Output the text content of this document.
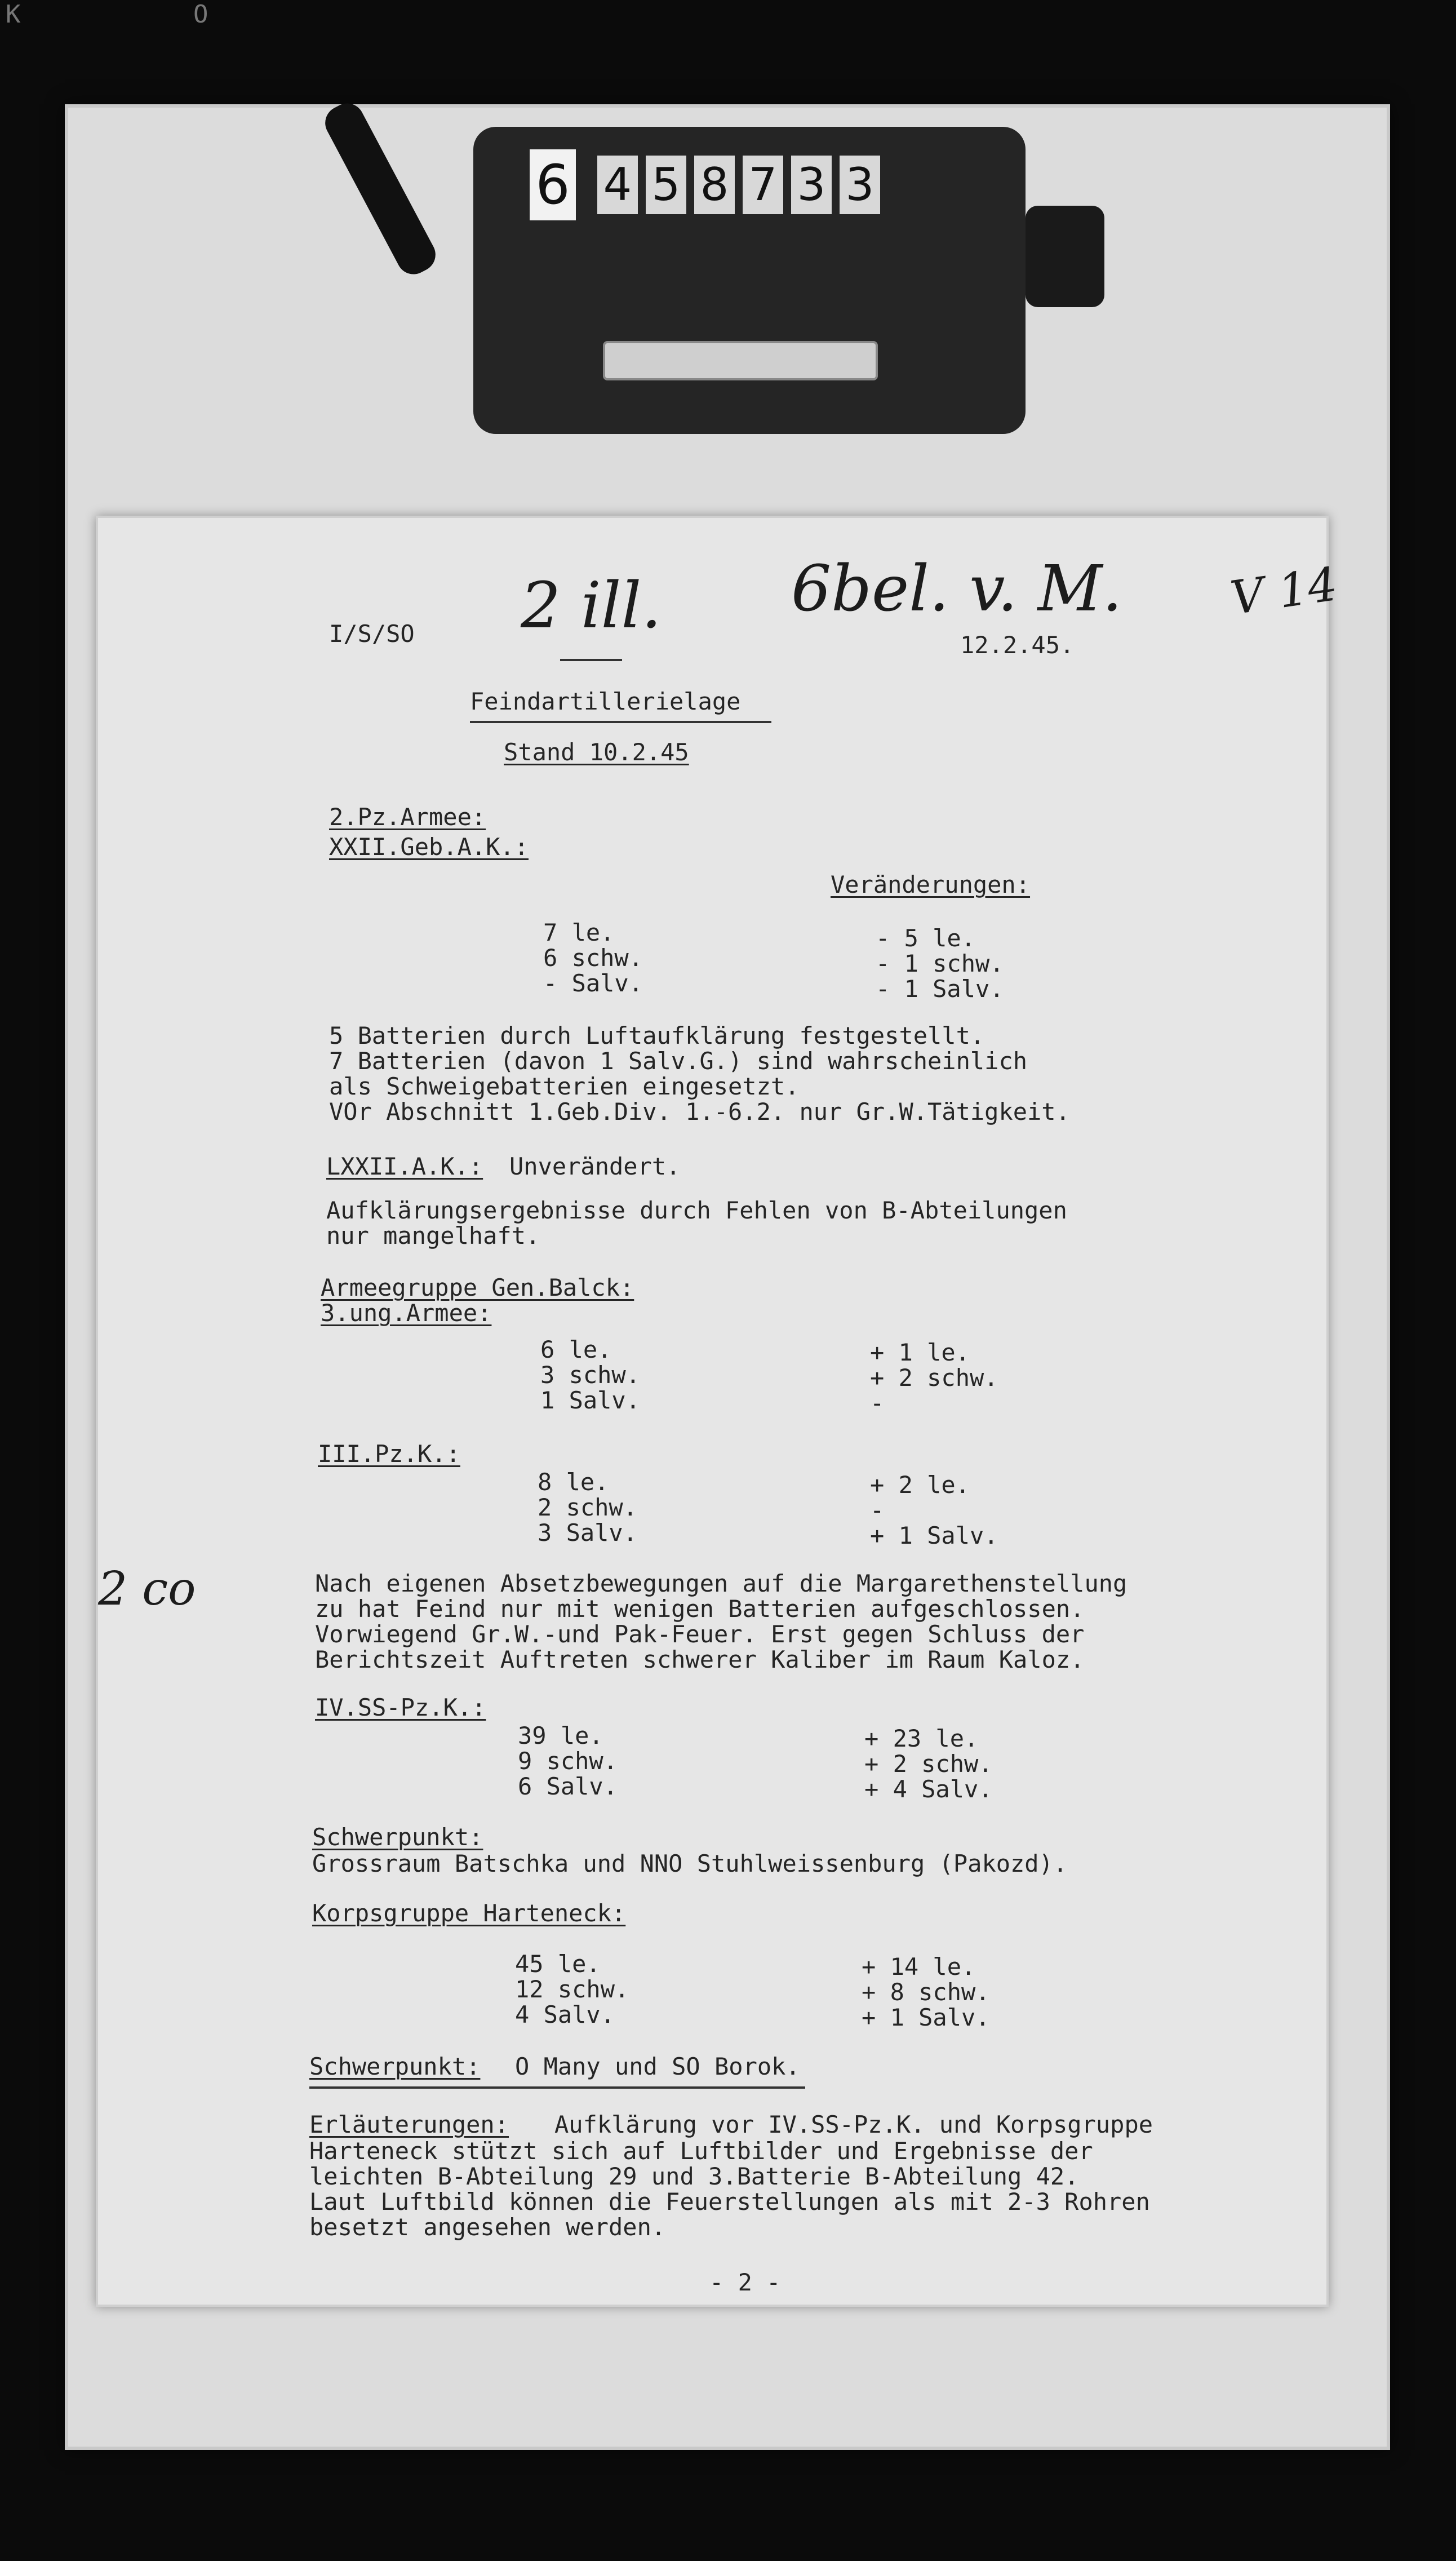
K O
6 4 5 8 7 3 3
2 ill. 6bel. v. M. V 14
I/S/SO	12.2.45.
Feindartillerielage
Stand 10.2.45
2.Pz.Armee:
XXII.Geb.A.K.:
Veränderungen:
7 le.
6 schw.
- Salv.
- 5 le.
- 1 schw.
- 1 Salv.
5 Batterien durch Luftaufklärung festgestellt.
7 Batterien (davon 1 Salv.G.) sind wahrscheinlich
als Schweigebatterien eingesetzt.
VOr Abschnitt 1.Geb.Div. 1.-6.2. nur Gr.W.Tätigkeit.
LXXII.A.K.: Unverändert.
Aufklärungsergebnisse durch Fehlen von B-Abteilungen
nur mangelhaft.
Armeegruppe Gen.Balck:
3.ung.Armee:
6 le.
3 schw.
1 Salv.
+ 1 le.
+ 2 schw.
-
III.Pz.K.:
8 le.
2 schw.
3 Salv.
+ 2 le.
-
+ 1 Salv.
Nach eigenen Absetzbewegungen auf die Margarethenstellung
zu hat Feind nur mit wenigen Batterien aufgeschlossen.
Vorwiegend Gr.W.-und Pak-Feuer. Erst gegen Schluss der
Berichtszeit Auftreten schwerer Kaliber im Raum Kaloz.
IV.SS-Pz.K.:
39 le.
9 schw.
6 Salv.
+ 23 le.
+ 2 schw.
+ 4 Salv.
Schwerpunkt:
Grossraum Batschka und NNO Stuhlweissenburg (Pakozd).
Korpsgruppe Harteneck:
45 le.
12 schw.
4 Salv.
+ 14 le.
+ 8 schw.
+ 1 Salv.
Schwerpunkt: O Many und SO Borok.
Erläuterungen: Aufklärung vor IV.SS-Pz.K. und Korpsgruppe
Harteneck stützt sich auf Luftbilder und Ergebnisse der
leichten B-Abteilung 29 und 3.Batterie B-Abteilung 42.
Laut Luftbild können die Feuerstellungen als mit 2-3 Rohren
besetzt angesehen werden.
- 2 -
2 co
